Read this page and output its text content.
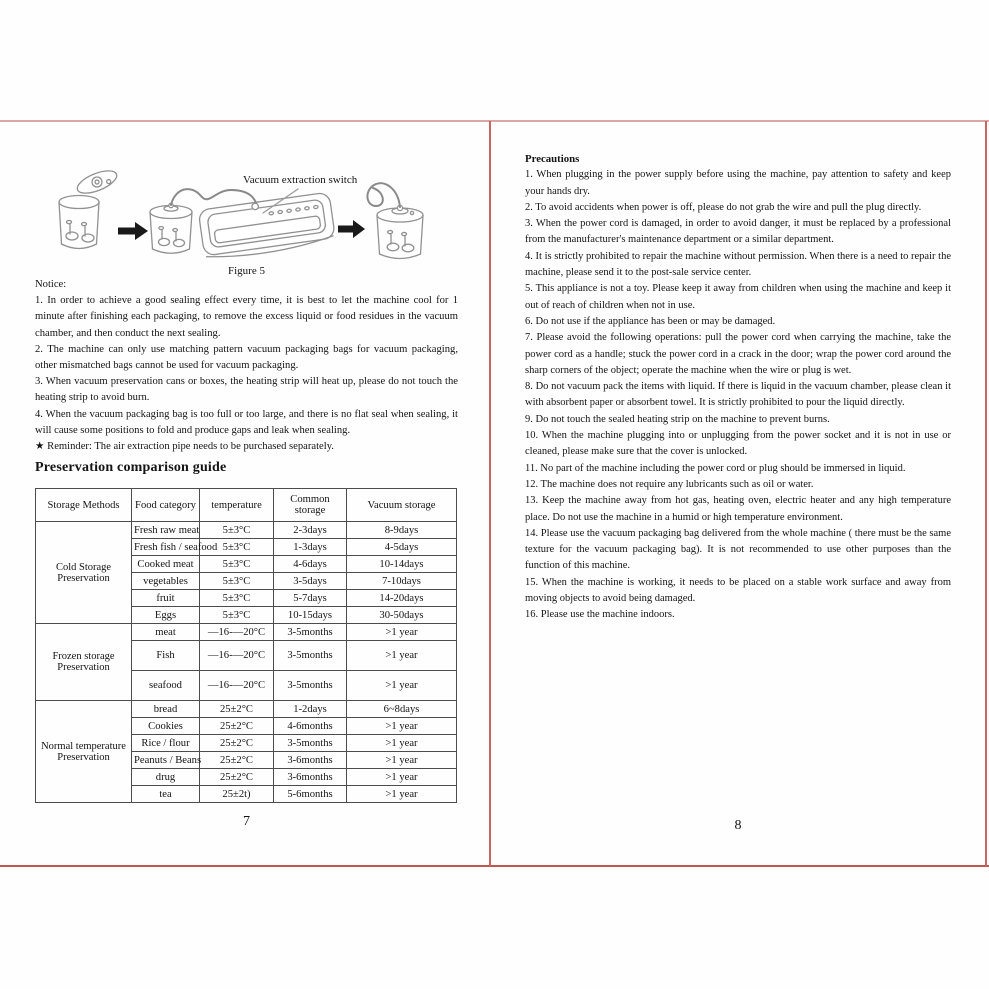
Vacuum extraction switch
Figure 5

Notice:

1. In order to achieve a good sealing effect every time, it is best to let the machine cool for 1 minute after finishing each packaging, to remove the excess liquid or food residues in the vacuum chamber, and then conduct the next sealing.

2. The machine can only use matching pattern vacuum packaging bags for vacuum packaging, other mismatched bags cannot be used for vacuum packaging.

3. When vacuum preservation cans or boxes, the heating strip will heat up, please do not touch the heating strip to avoid burn.

4. When the vacuum packaging bag is too full or too large, and there is no flat seal when sealing, it will cause some positions to fold and produce gaps and leak when sealing.

★ Reminder: The air extraction pipe needs to be purchased separately.

Preservation comparison guide
Storage Methods	Food category	temperature	Common storage	Vacuum storage
Cold Storage Preservation	Fresh raw meat	5±3°C	2-3days	8-9days
	Fresh fish / seafood	5±3°C	1-3days	4-5days
	Cooked meat	5±3°C	4-6days	10-14days
	vegetables	5±3°C	3-5days	7-10days
	fruit	5±3°C	5-7days	14-20days
	Eggs	5±3°C	10-15days	30-50days
Frozen storage Preservation	meat	—16-—20°C	3-5months	>1 year
	Fish	—16-—20°C	3-5months	>1 year
	seafood	—16-—20°C	3-5months	>1 year
Normal temperature Preservation	bread	25±2°C	1-2days	6~8days
	Cookies	25±2°C	4-6months	>1 year
	Rice / flour	25±2°C	3-5months	>1 year
	Peanuts / Beans	25±2°C	3-6months	>1 year
	drug	25±2°C	3-6months	>1 year
	tea	25±2t)	5-6months	>1 year
7

Precautions

1. When plugging in the power supply before using the machine, pay attention to safety and keep your hands dry.

2. To avoid accidents when power is off, please do not grab the wire and pull the plug directly.

3. When the power cord is damaged, in order to avoid danger, it must be replaced by a professional from the manufacturer's maintenance department or a similar department.

4. It is strictly prohibited to repair the machine without permission. When there is a need to repair the machine, please send it to the post-sale service center.

5. This appliance is not a toy. Please keep it away from children when using the machine and keep it out of reach of children when not in use.

6. Do not use if the appliance has been or may be damaged.

7. Please avoid the following operations: pull the power cord when carrying the machine, take the power cord as a handle; stuck the power cord in a crack in the door; wrap the power cord around the sharp corners of the object; operate the machine when the wire or plug is wet.

8. Do not vacuum pack the items with liquid. If there is liquid in the vacuum chamber, please clean it with absorbent paper or absorbent towel. It is strictly prohibited to pour the liquid directly.

9. Do not touch the sealed heating strip on the machine to prevent burns.

10. When the machine plugging into or unplugging from the power socket and it is not in use or cleaned, please make sure that the cover is unlocked.

11. No part of the machine including the power cord or plug should be immersed in liquid.

12. The machine does not require any lubricants such as oil or water.

13. Keep the machine away from hot gas, heating oven, electric heater and any high temperature place. Do not use the machine in a humid or high temperature environment.

14. Please use the vacuum packaging bag delivered from the whole machine ( there must be the same texture for the vacuum packaging bag). It is not recommended to use other purposes than the function of this machine.

15. When the machine is working, it needs to be placed on a stable work surface and away from moving objects to avoid being damaged.

16. Please use the machine indoors.

8
